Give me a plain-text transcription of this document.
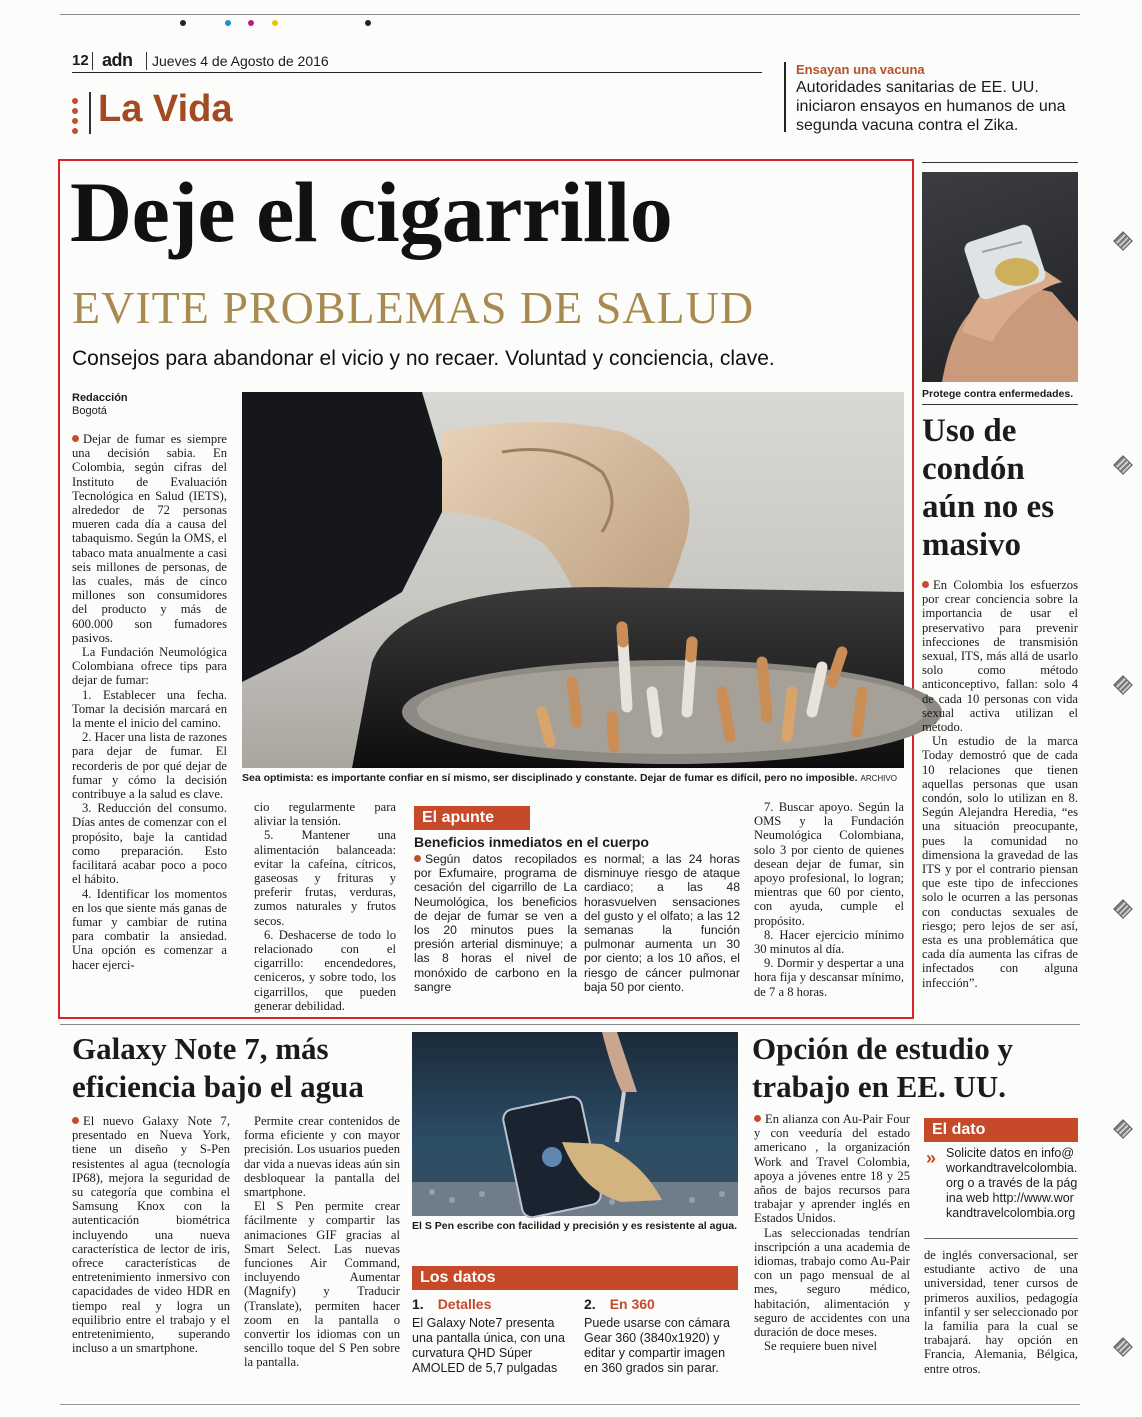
12 adn Jueves 4 de Agosto de 2016
La Vida
Ensayan una vacuna
Autoridades sanitarias de EE. UU. iniciaron ensayos en humanos de una segunda vacuna contra el Zika.
Deje el cigarrillo
EVITE PROBLEMAS DE SALUD
Consejos para abandonar el vicio y no recaer. Voluntad y conciencia, clave.
Redacción
Bogotá

Dejar de fumar es siempre una decisión sabia. En Colombia, según cifras del Instituto de Evaluación Tecnológica en Salud (IETS), alrededor de 72 personas mueren cada día a causa del tabaquismo. Según la OMS, el tabaco mata anualmente a casi seis millones de personas, de las cuales, más de cinco millones son consumidores del producto y más de 600.000 son fumadores pasivos.

La Fundación Neumológica Colombiana ofrece tips para dejar de fumar:

1. Establecer una fecha. Tomar la decisión marcará en la mente el inicio del camino.

2. Hacer una lista de razones para dejar de fumar. El recorderis de por qué dejar de fumar y cómo la decisión contribuye a la salud es clave.

3. Reducción del consumo. Días antes de comenzar con el propósito, baje la cantidad como preparación. Esto facilitará acabar poco a poco el hábito.

4. Identificar los momentos en los que siente más ganas de fumar y cambiar de rutina para combatir la ansiedad. Una opción es comenzar a hacer ejerci-

Sea optimista: es importante confiar en sí mismo, ser disciplinado y constante. Dejar de fumar es difícil, pero no imposible. ARCHIVO

cio regularmente para aliviar la tensión.

5. Mantener una alimentación balanceada: evitar la cafeína, cítricos, gaseosas y frituras y preferir frutas, verduras, zumos naturales y frutos secos.

6. Deshacerse de todo lo relacionado con el cigarrillo: encendedores, ceniceros, y sobre todo, los cigarrillos, que pueden generar debilidad.

El apunte
Beneficios inmediatos en el cuerpo
Según datos recopilados por Exfumaire, programa de cesación del cigarrillo de La Neumológica, los beneficios de dejar de fumar se ven a los 20 minutos pues la presión arterial disminuye; a las 8 horas el nivel de monóxido de carbono en la sangre
es normal; a las 24 horas disminuye riesgo de ataque cardiaco; a las 48 horasvuelven sensaciones del gusto y el olfato; a las 12 semanas la función pulmonar aumenta un 30 por ciento; a los 10 años, el riesgo de cáncer pulmonar baja 50 por ciento.

7. Buscar apoyo. Según la OMS y la Fundación Neumológica Colombiana, solo 3 por ciento de quienes desean dejar de fumar, sin apoyo profesional, lo logran; mientras que 60 por ciento, con ayuda, cumple el propósito.

8. Hacer ejercicio mínimo 30 minutos al día.

9. Dormir y despertar a una hora fija y descansar mínimo, de 7 a 8 horas.

Protege contra enfermedades.
Uso de condón aún no es masivo

En Colombia los esfuerzos por crear conciencia sobre la importancia de usar el preservativo para prevenir infecciones de transmisión sexual, ITS, más allá de usarlo solo como método anticonceptivo, fallan: solo 4 de cada 10 personas con vida sexual activa utilizan el método.

Un estudio de la marca Today demostró que de cada 10 relaciones que tienen aquellas personas que usan condón, solo lo utilizan en 8. Según Alejandra Heredia, “es una situación preocupante, pues la comunidad no dimensiona la gravedad de las ITS y por el contrario piensan que este tipo de infecciones solo le ocurren a las personas con conductas sexuales de riesgo; pero lejos de ser así, esta es una problemática que cada día aumenta las cifras de infectados con alguna infección”.

Galaxy Note 7, más eficiencia bajo el agua
El nuevo Galaxy Note 7, presentado en Nueva York, tiene un diseño y S-Pen resistentes al agua (tecnología IP68), mejora la seguridad de su categoría que combina el Samsung Knox con la autenticación biométrica incluyendo una nueva característica de lector de iris, ofrece características de entretenimiento inmersivo con capacidades de video HDR en tiempo real y logra un equilibrio entre el trabajo y el entretenimiento, superando incluso a un smartphone.

Permite crear contenidos de forma eficiente y con mayor precisión. Los usuarios pueden dar vida a nuevas ideas aún sin desbloquear la pantalla del smartphone.

El S Pen permite crear fácilmente y compartir las animaciones GIF gracias al Smart Select. Las nuevas funciones Air Command, incluyendo Aumentar (Magnify) y Traducir (Translate), permiten hacer zoom en la pantalla o convertir los idiomas con un sencillo toque del S Pen sobre la pantalla.

El S Pen escribe con facilidad y precisión y es resistente al agua.
Los datos
1. Detalles
El Galaxy Note7 presenta una pantalla única, con una curvatura QHD Súper AMOLED de 5,7 pulgadas
2. En 360
Puede usarse con cámara Gear 360 (3840x1920) y editar y compartir imagen en 360 grados sin parar.
Opción de estudio y trabajo en EE. UU.

En alianza con Au-Pair Four y con veeduría del estado americano , la organización Work and Travel Colombia, apoya a jóvenes entre 18 y 25 años de bajos recursos para trabajar y aprender inglés en Estados Unidos.

Las seleccionadas tendrían inscripción a una academia de idiomas, trabajo como Au-Pair con un pago mensual de al mes, seguro médico, habitación, alimentación y seguro de accidentes con una duración de doce meses.

Se requiere buen nivel

El dato
» Solicite datos en info@workandtravelcolombia.org o a través de la página web http://www.workandtravelcolombia.org
de inglés conversacional, ser estudiante activo de una universidad, tener cursos de primeros auxilios, pedagogía infantil y ser seleccionado por la familia para la cual se trabajará. hay opción en Francia, Alemania, Bélgica, entre otros.
